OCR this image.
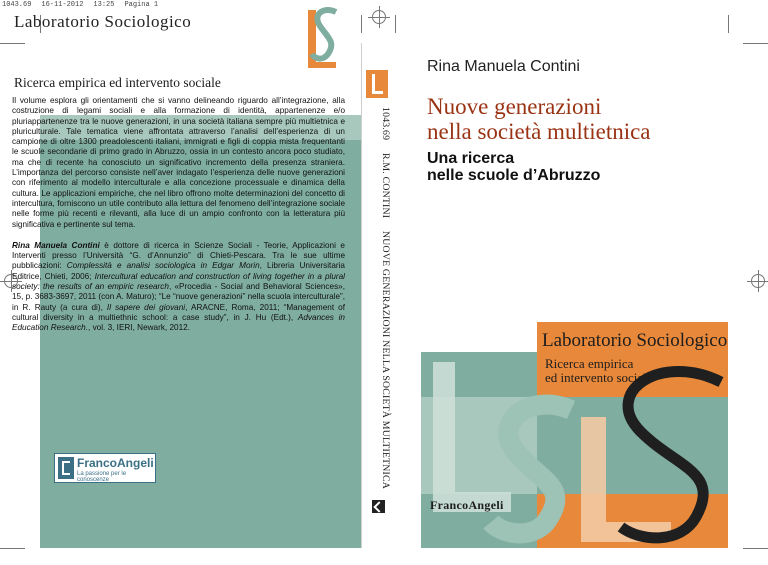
1043.69 16-11-2012 13:25 Pagina 1
Laboratorio Sociologico
Ricerca empirica ed intervento sociale

Il volume esplora gli orientamenti che si vanno delineando riguardo all’integrazione, alla costruzione di legami sociali e alla formazione di identità, appartenenze e/o pluriappartenenze tra le nuove generazioni, in una società italiana sempre più multietnica e pluriculturale. Tale tematica viene affrontata attraverso l’analisi dell’esperienza di un campione di oltre 1300 preadolescenti italiani, immigrati e figli di coppia mista frequentanti le scuole secondarie di primo grado in Abruzzo, ossia in un contesto ancora poco studiato, ma che di recente ha conosciuto un significativo incremento della presenza straniera. L’importanza del percorso consiste nell’aver indagato l’esperienza delle nuove generazioni con riferimento al modello interculturale e alla concezione processuale e dinamica della cultura. Le applicazioni empiriche, che nel libro offrono molte determinazioni del concetto di intercultura, forniscono un utile contributo alla lettura del fenomeno dell’integrazione sociale nelle forme più recenti e rilevanti, alla luce di un ampio confronto con la letteratura più significativa e pertinente sul tema.

Rina Manuela Contini è dottore di ricerca in Scienze Sociali - Teorie, Applicazioni e Interventi presso l’Università “G. d’Annunzio” di Chieti-Pescara. Tra le sue ultime pubblicazioni: Complessità e analisi sociologica in Edgar Morin, Libreria Universitaria Editrice, Chieti, 2006; Intercultural education and construction of living together in a plural society: the results of an empiric research, «Procedia - Social and Behavioral Sciences», 15, p. 3683-3697, 2011 (con A. Maturo); “Le “nuove generazioni” nella scuola interculturale”, in R. Rauty (a cura di), Il sapere dei giovani, ARACNE, Roma, 2011; “Management of cultural diversity in a multiethnic school: a case study”, in J. Hu (Edt.), Advances in Education Research., vol. 3, IERI, Newark, 2012.

FrancoAngeli
La passione per le conoscenze
1043.69 R.M. CONTINI NUOVE GENERAZIONI NELLA SOCIETÀ MULTIETNICA
Rina Manuela Contini
Nuove generazioni
nella società multietnica
Una ricerca
nelle scuole d’Abruzzo
Laboratorio Sociologico
Ricerca empirica
ed intervento sociale
FrancoAngeli
